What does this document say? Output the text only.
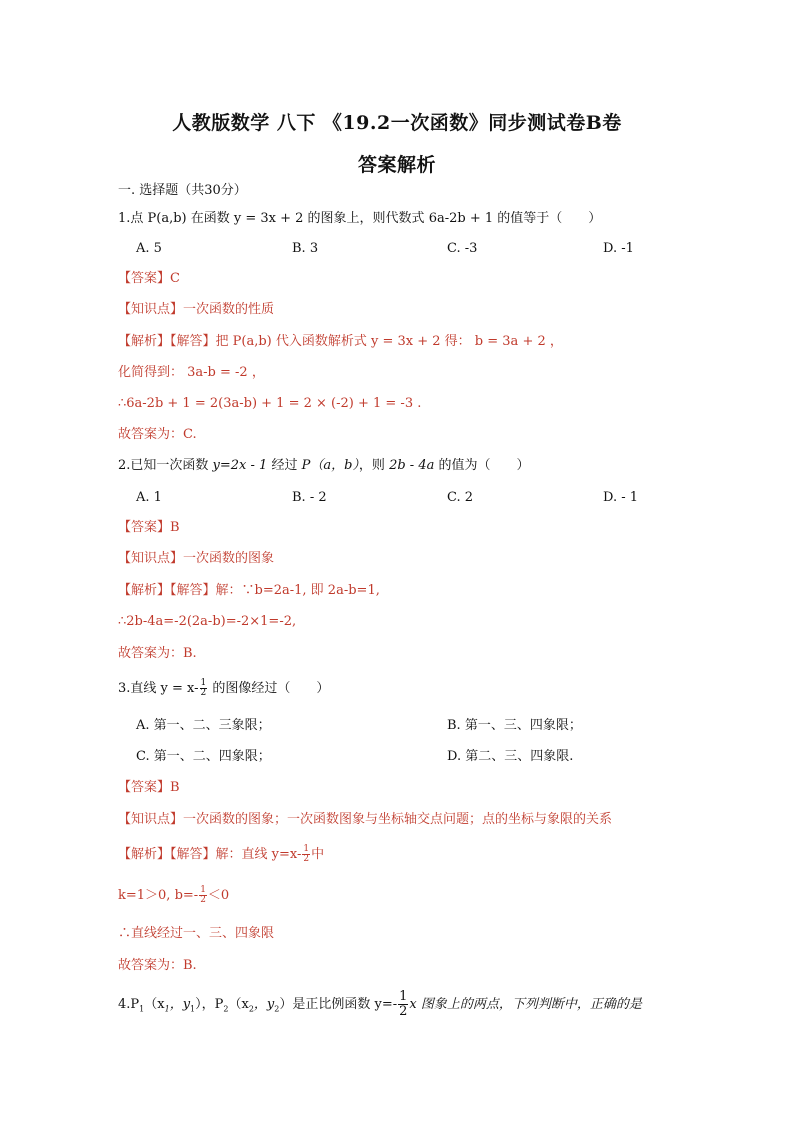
人教版数学 八下 《19.2一次函数》同步测试卷B卷
答案解析
一. 选择题（共30分）
1.点 P(a,b) 在函数 y = 3x + 2 的图象上，则代数式 6a-2b + 1 的值等于（　　）
A. 5	B. 3	C. -3	D. -1
【答案】C
【知识点】一次函数的性质
【解析】【解答】把 P(a,b) 代入函数解析式 y = 3x + 2 得： b = 3a + 2 ，
化简得到： 3a-b = -2 ，
∴6a-2b + 1 = 2(3a-b) + 1 = 2 × (-2) + 1 = -3 .
故答案为：C.
2.已知一次函数 y=2x - 1 经过 P（a，b），则 2b - 4a 的值为（　　）
A. 1	B. - 2	C. 2	D. - 1
【答案】B
【知识点】一次函数的图象
【解析】【解答】解：∵b=2a-1, 即 2a-b=1,
∴2b-4a=-2(2a-b)=-2×1=-2,
故答案为：B.
3.直线 $y = x- \frac{1}{2}$ 的图像经过（　　）
A. 第一、二、三象限；	B. 第一、三、四象限；
C. 第一、二、四象限；	D. 第二、三、四象限.
【答案】B
【知识点】一次函数的图象；一次函数图象与坐标轴交点问题；点的坐标与象限的关系
【解析】【解答】解：直线 $y=x- \frac{1}{2}$ 中
k=1＞0, $b=- \frac{1}{2} <0$
∴直线经过一、三、四象限
故答案为：B.
$4.P_1(x_1$，$y_1$），$P_2(x_2$，$y_2$）是正比例函数 $y=- \frac{1}{2}$ x 图象上的两点，下列判断中，正确的是
